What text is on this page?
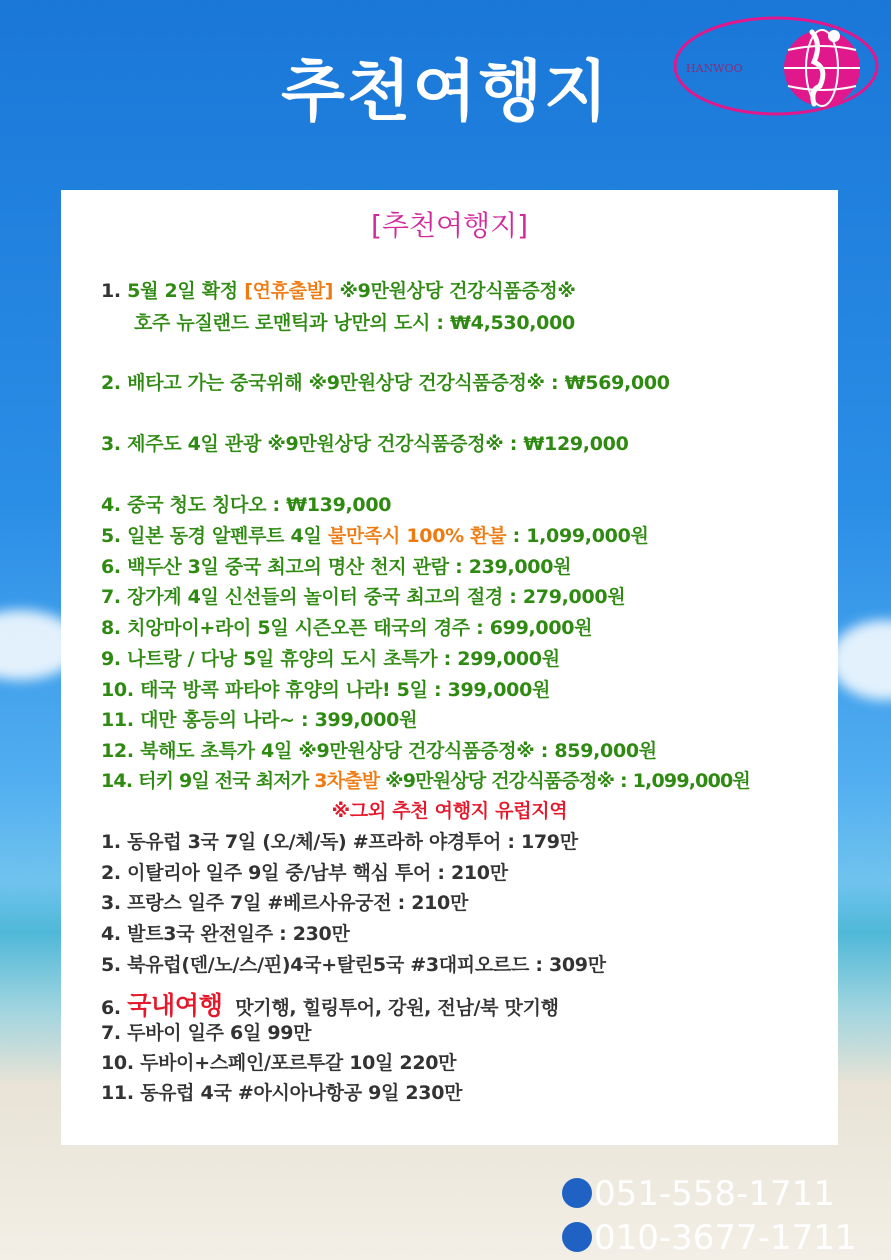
추천여행지	HANWOO
[추천여행지]
1. 5월 2일 확정 [연휴출발] ※9만원상당 건강식품증정※
호주 뉴질랜드 로맨틱과 낭만의 도시 : ₩4,530,000
2. 배타고 가는 중국위해 ※9만원상당 건강식품증정※ : ₩569,000
3. 제주도 4일 관광 ※9만원상당 건강식품증정※ : ₩129,000
4. 중국 청도 칭다오 : ₩139,000
5. 일본 동경 알펜루트 4일 불만족시 100% 환불 : 1,099,000원
6. 백두산 3일 중국 최고의 명산 천지 관람 : 239,000원
7. 장가계 4일 신선들의 놀이터 중국 최고의 절경 : 279,000원
8. 치앙마이+라이 5일 시즌오픈 태국의 경주 : 699,000원
9. 나트랑 / 다낭 5일 휴양의 도시 초특가 : 299,000원
10. 태국 방콕 파타야 휴양의 나라! 5일 : 399,000원
11. 대만 홍등의 나라~ : 399,000원
12. 북해도 초특가 4일 ※9만원상당 건강식품증정※ : 859,000원
14. 터키 9일 전국 최저가 3차출발 ※9만원상당 건강식품증정※ : 1,099,000원
※그외 추천 여행지 유럽지역
1. 동유럽 3국 7일 (오/체/독) #프라하 야경투어 : 179만
2. 이탈리아 일주 9일 중/남부 핵심 투어 : 210만
3. 프랑스 일주 7일 #베르사유궁전 : 210만
4. 발트3국 완전일주 : 230만
5. 북유럽(덴/노/스/핀)4국+탈린5국 #3대피오르드 : 309만
6. 국내여행 맛기행, 힐링투어, 강원, 전남/북 맛기행
7. 두바이 일주 6일 99만
10. 두바이+스페인/포르투갈 10일 220만
11. 동유럽 4국 #아시아나항공 9일 230만
051-558-1711
010-3677-1711
